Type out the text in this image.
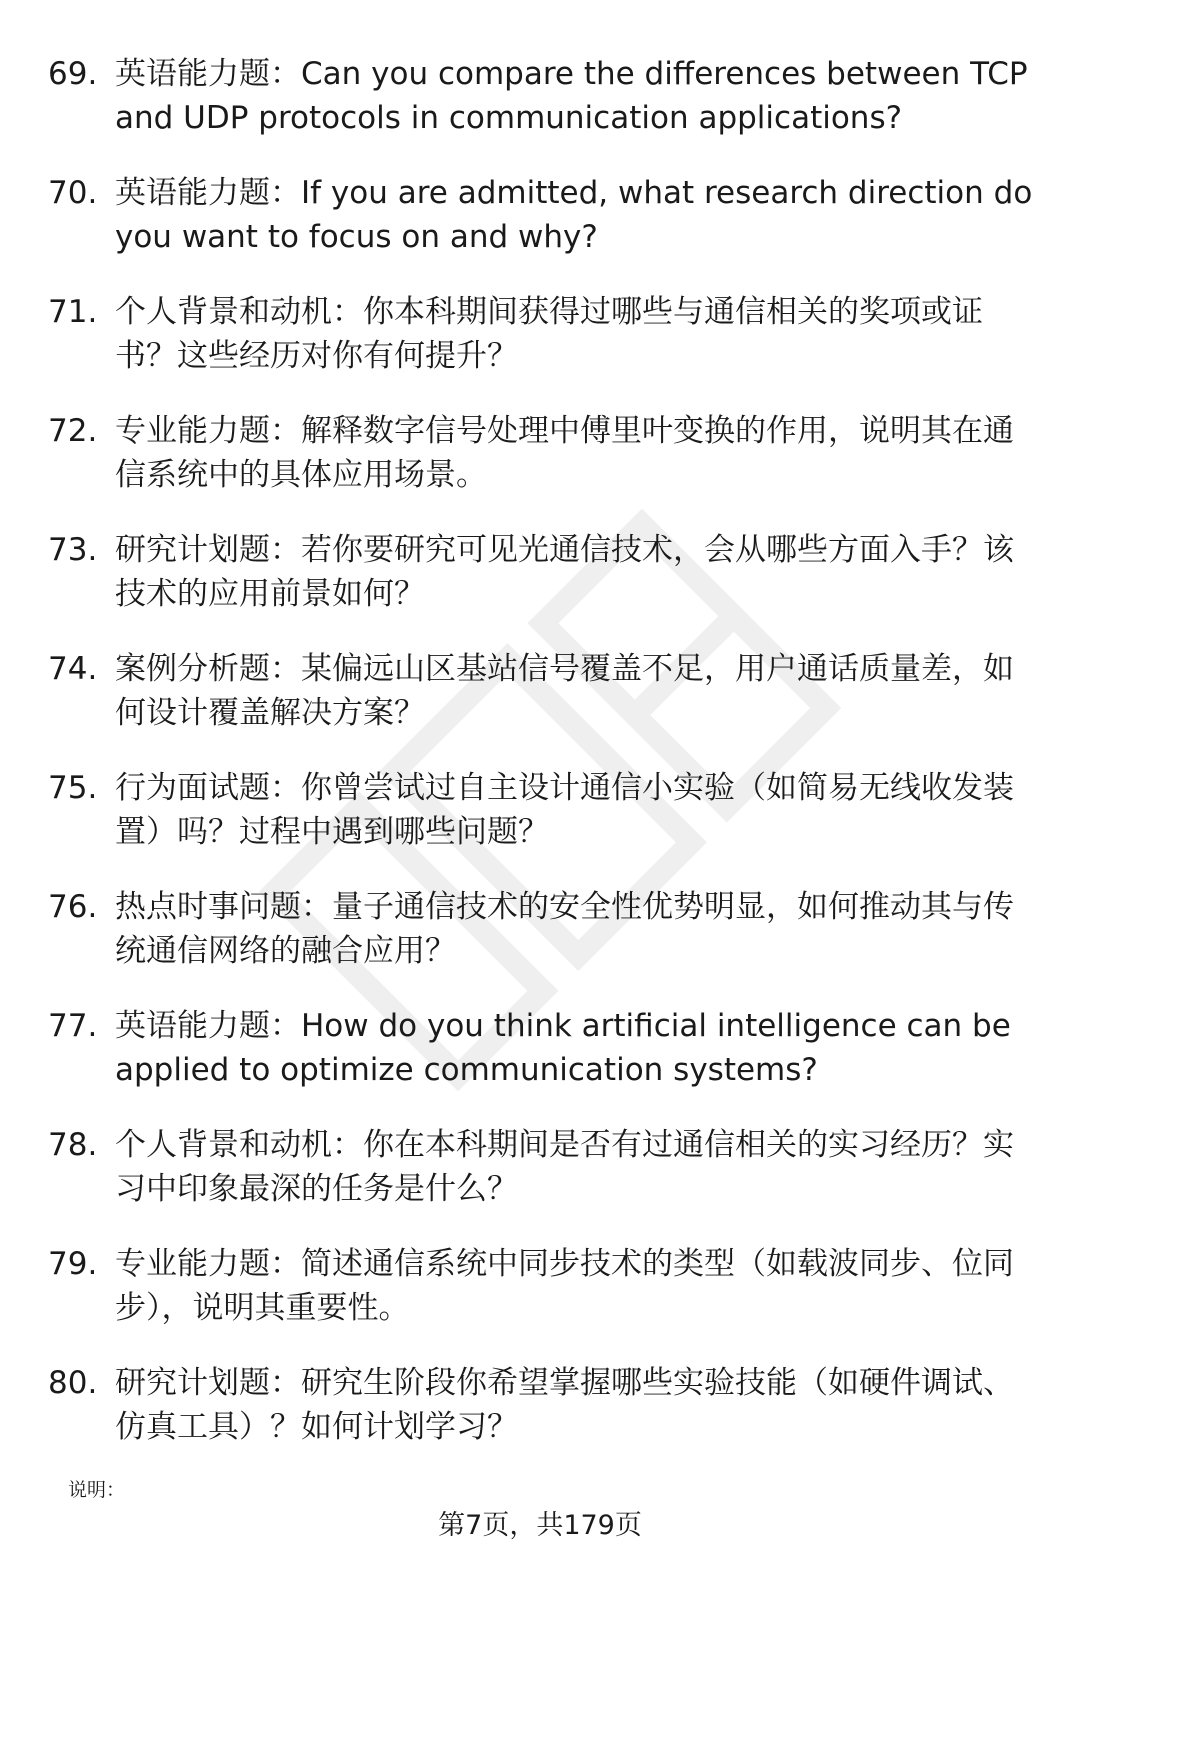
69. 英语能力题：Can you compare the differences between TCP and UDP protocols in communication applications?
70. 英语能力题：If you are admitted, what research direction do you want to focus on and why?
71. 个人背景和动机：你本科期间获得过哪些与通信相关的奖项或证书？这些经历对你有何提升？
72. 专业能力题：解释数字信号处理中傅里叶变换的作用，说明其在通信系统中的具体应用场景。
73. 研究计划题：若你要研究可见光通信技术，会从哪些方面入手？该技术的应用前景如何？
74. 案例分析题：某偏远山区基站信号覆盖不足，用户通话质量差，如何设计覆盖解决方案？
75. 行为面试题：你曾尝试过自主设计通信小实验（如简易无线收发装置）吗？过程中遇到哪些问题？
76. 热点时事问题：量子通信技术的安全性优势明显，如何推动其与传统通信网络的融合应用？
77. 英语能力题：How do you think artificial intelligence can be applied to optimize communication systems?
78. 个人背景和动机：你在本科期间是否有过通信相关的实习经历？实习中印象最深的任务是什么？
79. 专业能力题：简述通信系统中同步技术的类型（如载波同步、位同步），说明其重要性。
80. 研究计划题：研究生阶段你希望掌握哪些实验技能（如硬件调试、仿真工具）？如何计划学习？
说明：
第7页，共179页
